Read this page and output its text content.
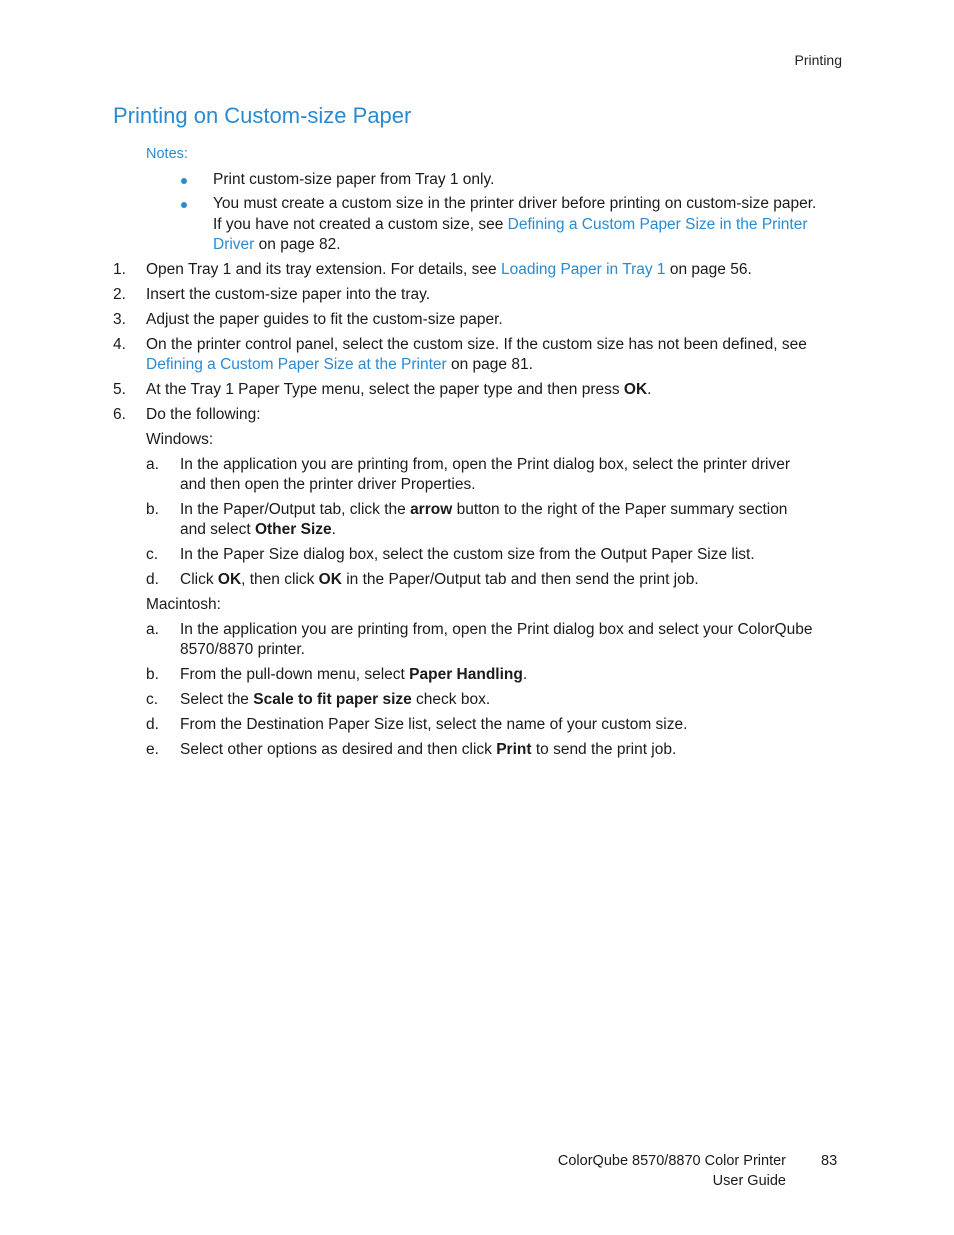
Printing
Printing on Custom-size Paper
Notes:
Print custom-size paper from Tray 1 only.
You must create a custom size in the printer driver before printing on custom-size paper.
If you have not created a custom size, see Defining a Custom Paper Size in the Printer
Driver on page 82.
1. Open Tray 1 and its tray extension. For details, see Loading Paper in Tray 1 on page 56.
2. Insert the custom-size paper into the tray.
3. Adjust the paper guides to fit the custom-size paper.
4. On the printer control panel, select the custom size. If the custom size has not been defined, see
Defining a Custom Paper Size at the Printer on page 81.
5. At the Tray 1 Paper Type menu, select the paper type and then press OK.
6. Do the following:
Windows:
a. In the application you are printing from, open the Print dialog box, select the printer driver
and then open the printer driver Properties.
b. In the Paper/Output tab, click the arrow button to the right of the Paper summary section
and select Other Size.
c. In the Paper Size dialog box, select the custom size from the Output Paper Size list.
d. Click OK, then click OK in the Paper/Output tab and then send the print job.
Macintosh:
a. In the application you are printing from, open the Print dialog box and select your ColorQube
8570/8870 printer.
b. From the pull-down menu, select Paper Handling.
c. Select the Scale to fit paper size check box.
d. From the Destination Paper Size list, select the name of your custom size.
e. Select other options as desired and then click Print to send the print job.
ColorQube 8570/8870 Color Printer
User Guide
83
